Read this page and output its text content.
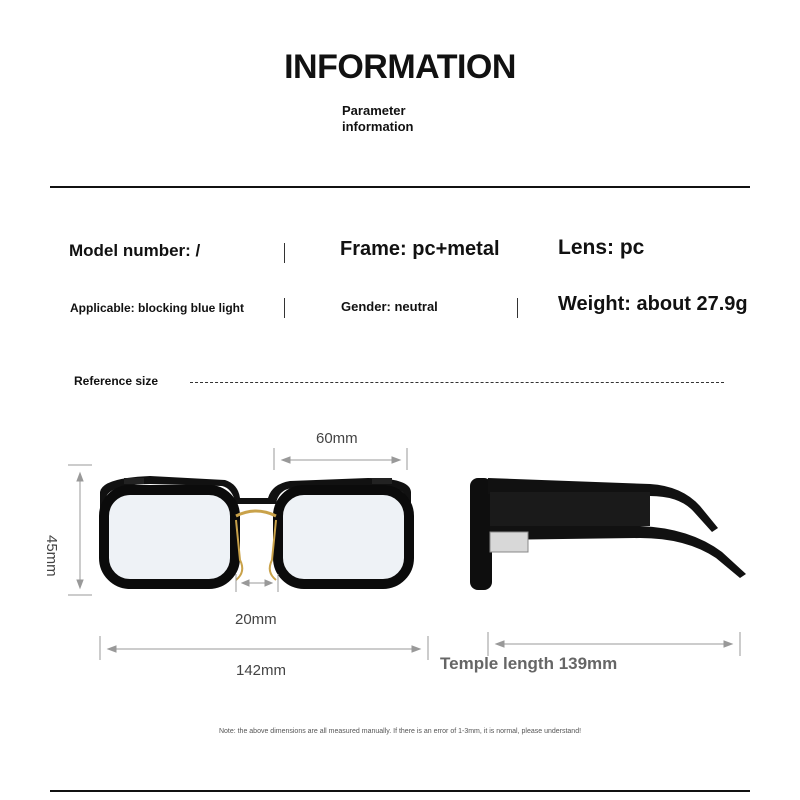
INFORMATION
Parameter
information
Model number: /	Frame: pc+metal	Lens: pc
Applicable: blocking blue light	Gender: neutral	Weight: about 27.9g
Reference size
60mm
45mm
20mm
142mm	Temple length 139mm
Note: the above dimensions are all measured manually. If there is an error of 1-3mm, it is normal, please understand!
